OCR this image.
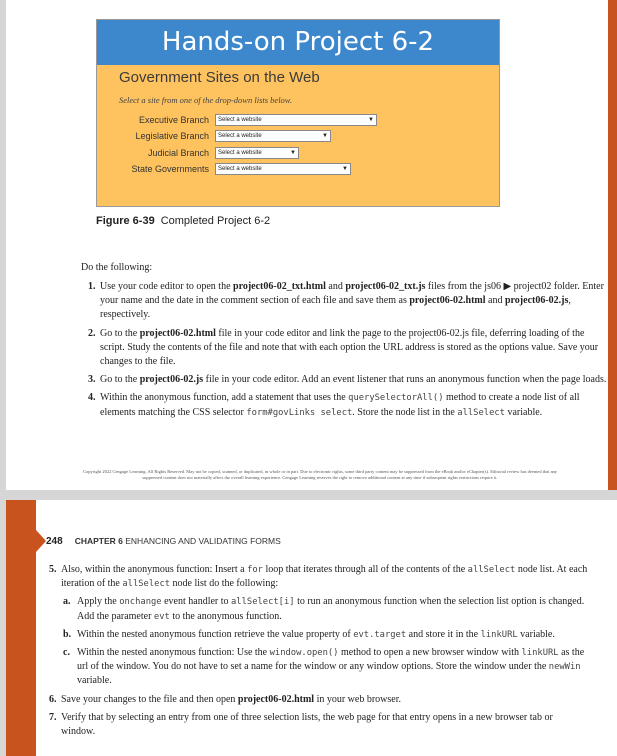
Hands-on Project 6-2
Government Sites on the Web
Select a site from one of the drop-down lists below.
Executive Branch	Select a website	▼
Legislative Branch	Select a website	▼
Judicial Branch	Select a website	▼
State Governments	Select a website	▼
Figure 6-39 Completed Project 6-2
Do the following:
1. Use your code editor to open the project06-02_txt.html and project06-02_txt.js files from the js06 ▶ project02 folder. Enter your name and the date in the comment section of each file and save them as project06-02.html and project06-02.js, respectively.
2. Go to the project06-02.html file in your code editor and link the page to the project06-02.js file, deferring loading of the script. Study the contents of the file and note that with each option the URL address is stored as the options value. Save your changes to the file.
3. Go to the project06-02.js file in your code editor. Add an event listener that runs an anonymous function when the page loads.
4. Within the anonymous function, add a statement that uses the querySelectorAll() method to create a node list of all elements matching the CSS selector form#govLinks select. Store the node list in the allSelect variable.
Copyright 2022 Cengage Learning. All Rights Reserved. May not be copied, scanned, or duplicated, in whole or in part. Due to electronic rights, some third party content may be suppressed from the eBook and/or eChapter(s). Editorial review has deemed that any suppressed content does not materially affect the overall learning experience. Cengage Learning reserves the right to remove additional content at any time if subsequent rights restrictions require it.
248 CHAPTER 6 ENHANCING AND VALIDATING FORMS
5. Also, within the anonymous function: Insert a for loop that iterates through all of the contents of the allSelect node list. At each iteration of the allSelect node list do the following:
a. Apply the onchange event handler to allSelect[i] to run an anonymous function when the selection list option is changed. Add the parameter evt to the anonymous function.
b. Within the nested anonymous function retrieve the value property of evt.target and store it in the linkURL variable.
c. Within the nested anonymous function: Use the window.open() method to open a new browser window with linkURL as the url of the window. You do not have to set a name for the window or any window options. Store the window under the newWin variable.
6. Save your changes to the file and then open project06-02.html in your web browser.
7. Verify that by selecting an entry from one of three selection lists, the web page for that entry opens in a new browser tab or window.
